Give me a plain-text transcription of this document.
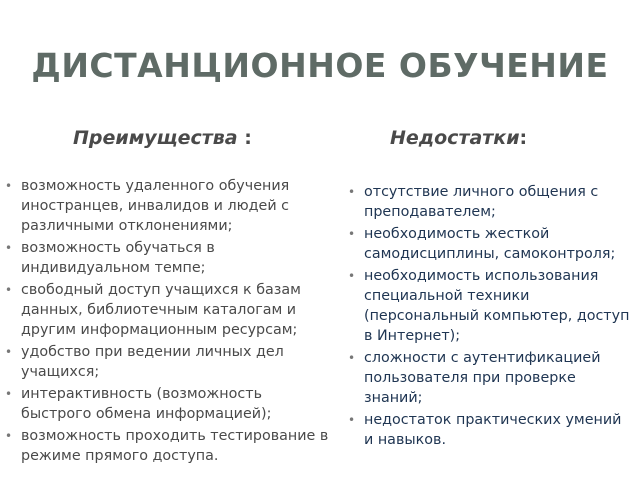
ДИСТАНЦИОННОЕ ОБУЧЕНИЕ
Преимущества :	Недостатки:
• возможность удаленного обучения иностранцев, инвалидов и людей с различными отклонениями;
• возможность обучаться в индивидуальном темпе;
• свободный доступ учащихся к базам данных, библиотечным каталогам и другим информационным ресурсам;
• удобство при ведении личных дел учащихся;
• интерактивность (возможность быстрого обмена информацией);
• возможность проходить тестирование в режиме прямого доступа.
• отсутствие личного общения с преподавателем;
• необходимость жесткой самодисциплины, самоконтроля;
• необходимость использования специальной техники (персональный компьютер, доступ в Интернет);
• сложности с аутентификацией пользователя при проверке знаний;
• недостаток практических умений и навыков.
